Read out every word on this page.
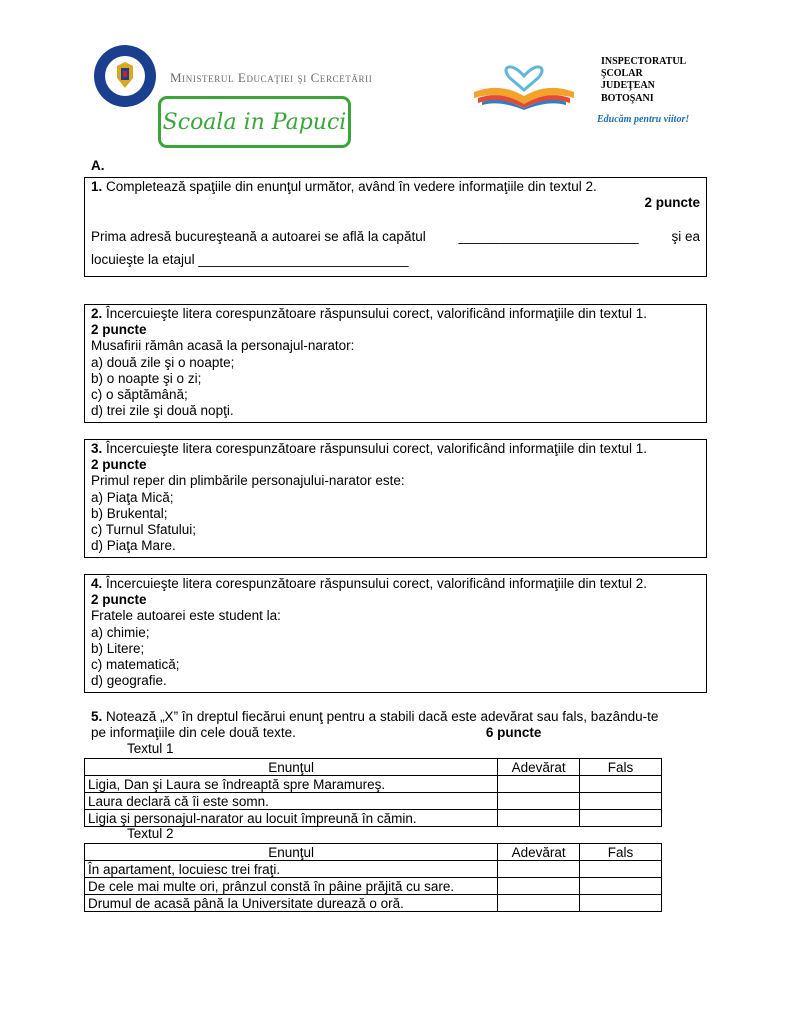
Ministerul Educaţiei şi Cercetării
Scoala in Papuci
INSPECTORATUL
ŞCOLAR
JUDEŢEAN
BOTOŞANI
Educăm pentru viitor!
A.

1. Completează spaţiile din enunţul următor, având în vedere informaţiile din textul 2.

2 puncte

Prima adresă bucureşteană a autoarei se află la capătul ________________________ şi ea

locuieşte la etajul ____________________________

2. Încercuieşte litera corespunzătoare răspunsului corect, valorificând informaţiile din textul 1.

2 puncte

Musafirii rămân acasă la personajul-narator:

a) două zile şi o noapte;

b) o noapte şi o zi;

c) o săptămână;

d) trei zile şi două nopţi.

3. Încercuieşte litera corespunzătoare răspunsului corect, valorificând informaţiile din textul 1.

2 puncte

Primul reper din plimbările personajului-narator este:

a) Piaţa Mică;

b) Brukental;

c) Turnul Sfatului;

d) Piaţa Mare.

4. Încercuieşte litera corespunzătoare răspunsului corect, valorificând informaţiile din textul 2.

2 puncte

Fratele autoarei este student la:

a) chimie;

b) Litere;

c) matematică;

d) geografie.

5. Notează „X” în dreptul fiecărui enunţ pentru a stabili dacă este adevărat sau fals, bazându-te

pe informaţiile din cele două texte.	6 puncte

Textul 1
Enunţul	Adevărat	Fals
Ligia, Dan şi Laura se îndreaptă spre Maramureş.		
Laura declară că îi este somn.		
Ligia şi personajul-narator au locuit împreună în cămin.		
Textul 2
Enunţul	Adevărat	Fals
În apartament, locuiesc trei fraţi.		
De cele mai multe ori, prânzul constă în pâine prăjită cu sare.		
Drumul de acasă până la Universitate durează o oră.		
